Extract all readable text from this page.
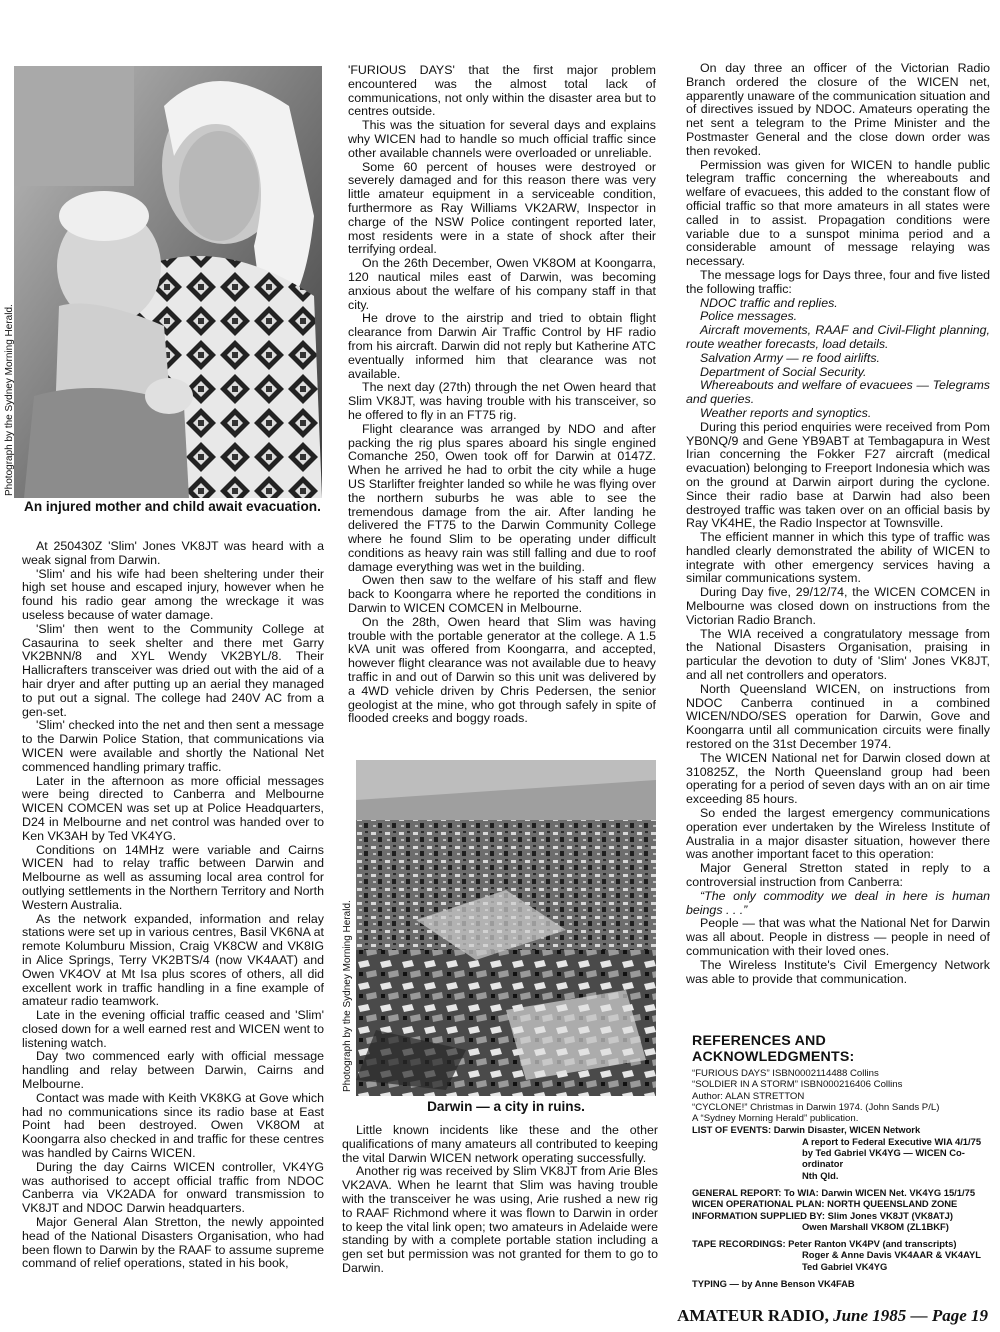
Photograph by the Sydney Morning Herald.
An injured mother and child await evacuation.

At 250430Z 'Slim' Jones VK8JT was heard with a weak signal from Darwin.

'Slim' and his wife had been sheltering under their high set house and escaped injury, however when he found his radio gear among the wreckage it was useless because of water damage.

'Slim' then went to the Community College at Casaurina to seek shelter and there met Garry VK2BNN/8 and XYL Wendy VK2BYL/8. Their Hallicrafters transceiver was dried out with the aid of a hair dryer and after putting up an aerial they managed to put out a signal. The college had 240V AC from a gen-set.

'Slim' checked into the net and then sent a message to the Darwin Police Station, that communications via WICEN were available and shortly the National Net commenced handling primary traffic.

Later in the afternoon as more official messages were being directed to Canberra and Melbourne WICEN COMCEN was set up at Police Headquarters, D24 in Melbourne and net control was handed over to Ken VK3AH by Ted VK4YG.

Conditions on 14MHz were variable and Cairns WICEN had to relay traffic between Darwin and Melbourne as well as assuming local area control for outlying settlements in the Northern Territory and North Western Australia.

As the network expanded, information and relay stations were set up in various centres, Basil VK6NA at remote Kolumburu Mission, Craig VK8CW and VK8IG in Alice Springs, Terry VK2BTS/4 (now VK4AAT) and Owen VK4OV at Mt Isa plus scores of others, all did excellent work in traffic handling in a fine example of amateur radio teamwork.

Late in the evening official traffic ceased and 'Slim' closed down for a well earned rest and WICEN went to listening watch.

Day two commenced early with official message handling and relay between Darwin, Cairns and Melbourne.

Contact was made with Keith VK8KG at Gove which had no communications since its radio base at East Point had been destroyed. Owen VK8OM at Koongarra also checked in and traffic for these centres was handled by Cairns WICEN.

During the day Cairns WICEN controller, VK4YG was authorised to accept official traffic from NDOC Canberra via VK2ADA for onward transmission to VK8JT and NDOC Darwin headquarters.

Major General Alan Stretton, the newly appointed head of the National Disasters Organisation, who had been flown to Darwin by the RAAF to assume supreme command of relief operations, stated in his book,

'FURIOUS DAYS' that the first major problem encountered was the almost total lack of communications, not only within the disaster area but to centres outside.

This was the situation for several days and explains why WICEN had to handle so much official traffic since other available channels were overloaded or unreliable.

Some 60 percent of houses were destroyed or severely damaged and for this reason there was very little amateur equipment in a serviceable condition, furthermore as Ray Williams VK2ARW, Inspector in charge of the NSW Police contingent reported later, most residents were in a state of shock after their terrifying ordeal.

On the 26th December, Owen VK8OM at Koongarra, 120 nautical miles east of Darwin, was becoming anxious about the welfare of his company staff in that city.

He drove to the airstrip and tried to obtain flight clearance from Darwin Air Traffic Control by HF radio from his aircraft. Darwin did not reply but Katherine ATC eventually informed him that clearance was not available.

The next day (27th) through the net Owen heard that Slim VK8JT, was having trouble with his transceiver, so he offered to fly in an FT75 rig.

Flight clearance was arranged by NDO and after packing the rig plus spares aboard his single engined Comanche 250, Owen took off for Darwin at 0147Z. When he arrived he had to orbit the city while a huge US Starlifter freighter landed so while he was flying over the northern suburbs he was able to see the tremendous damage from the air. After landing he delivered the FT75 to the Darwin Community College where he found Slim to be operating under difficult conditions as heavy rain was still falling and due to roof damage everything was wet in the building.

Owen then saw to the welfare of his staff and flew back to Koongarra where he reported the conditions in Darwin to WICEN COMCEN in Melbourne.

On the 28th, Owen heard that Slim was having trouble with the portable generator at the college. A 1.5 kVA unit was offered from Koongarra, and accepted, however flight clearance was not available due to heavy traffic in and out of Darwin so this unit was delivered by a 4WD vehicle driven by Chris Pedersen, the senior geologist at the mine, who got through safely in spite of flooded creeks and boggy roads.

Photograph by the Sydney Morning Herald.
Darwin — a city in ruins.

Little known incidents like these and the other qualifications of many amateurs all contributed to keeping the vital Darwin WICEN network operating successfully.

Another rig was received by Slim VK8JT from Arie Bles VK2AVA. When he learnt that Slim was having trouble with the transceiver he was using, Arie rushed a new rig to RAAF Richmond where it was flown to Darwin in order to keep the vital link open; two amateurs in Adelaide were standing by with a complete portable station including a gen set but permission was not granted for them to go to Darwin.

On day three an officer of the Victorian Radio Branch ordered the closure of the WICEN net, apparently unaware of the communication situation and of directives issued by NDOC. Amateurs operating the net sent a telegram to the Prime Minister and the Postmaster General and the close down order was then revoked.

Permission was given for WICEN to handle public telegram traffic concerning the whereabouts and welfare of evacuees, this added to the constant flow of official traffic so that more amateurs in all states were called in to assist. Propagation conditions were variable due to a sunspot minima period and a considerable amount of message relaying was necessary.

The message logs for Days three, four and five listed the following traffic:

NDOC traffic and replies.

Police messages.

Aircraft movements, RAAF and Civil-Flight planning, route weather forecasts, load details.

Salvation Army — re food airlifts.

Department of Social Security.

Whereabouts and welfare of evacuees — Telegrams and queries.

Weather reports and synoptics.

During this period enquiries were received from Pom YB0NQ/9 and Gene YB9ABT at Tembagapura in West Irian concerning the Fokker F27 aircraft (medical evacuation) belonging to Freeport Indonesia which was on the ground at Darwin airport during the cyclone. Since their radio base at Darwin had also been destroyed traffic was taken over on an official basis by Ray VK4HE, the Radio Inspector at Townsville.

The efficient manner in which this type of traffic was handled clearly demonstrated the ability of WICEN to integrate with other emergency services having a similar communications system.

During Day five, 29/12/74, the WICEN COMCEN in Melbourne was closed down on instructions from the Victorian Radio Branch.

The WIA received a congratulatory message from the National Disasters Organisation, praising in particular the devotion to duty of 'Slim' Jones VK8JT, and all net controllers and operators.

North Queensland WICEN, on instructions from NDOC Canberra continued in a combined WICEN/NDO/SES operation for Darwin, Gove and Koongarra until all communication circuits were finally restored on the 31st December 1974.

The WICEN National net for Darwin closed down at 310825Z, the North Queensland group had been operating for a period of seven days with an on air time exceeding 85 hours.

So ended the largest emergency communications operation ever undertaken by the Wireless Institute of Australia in a major disaster situation, however there was another important facet to this operation:

Major General Stretton stated in reply to a controversial instruction from Canberra:

“The only commodity we deal in here is human beings . . .”

People — that was what the National Net for Darwin was all about. People in distress — people in need of communication with their loved ones.

The Wireless Institute's Civil Emergency Network was able to provide that communication.

REFERENCES AND
ACKNOWLEDGMENTS:
“FURIOUS DAYS” ISBN0002114488 Collins
“SOLDIER IN A STORM” ISBN000216406 Collins
Author: ALAN STRETTON
“CYCLONE!” Christmas in Darwin 1974. (John Sands P/L)
A “Sydney Morning Herald” publication.
LIST OF EVENTS: Darwin Disaster, WICEN Network
A report to Federal Executive WIA 4/1/75
by Ted Gabriel VK4YG — WICEN Co-ordinator
Nth Qld.
GENERAL REPORT: To WIA: Darwin WICEN Net. VK4YG 15/1/75
WICEN OPERATIONAL PLAN: NORTH QUEENSLAND ZONE
INFORMATION SUPPLIED BY: Slim Jones VK8JT (VK8ATJ)
Owen Marshall VK8OM (ZL1BKF)
TAPE RECORDINGS: Peter Ranton VK4PV (and transcripts)
Roger & Anne Davis VK4AAR & VK4AYL
Ted Gabriel VK4YG
TYPING — by Anne Benson VK4FAB
AMATEUR RADIO, June 1985 — Page 19
